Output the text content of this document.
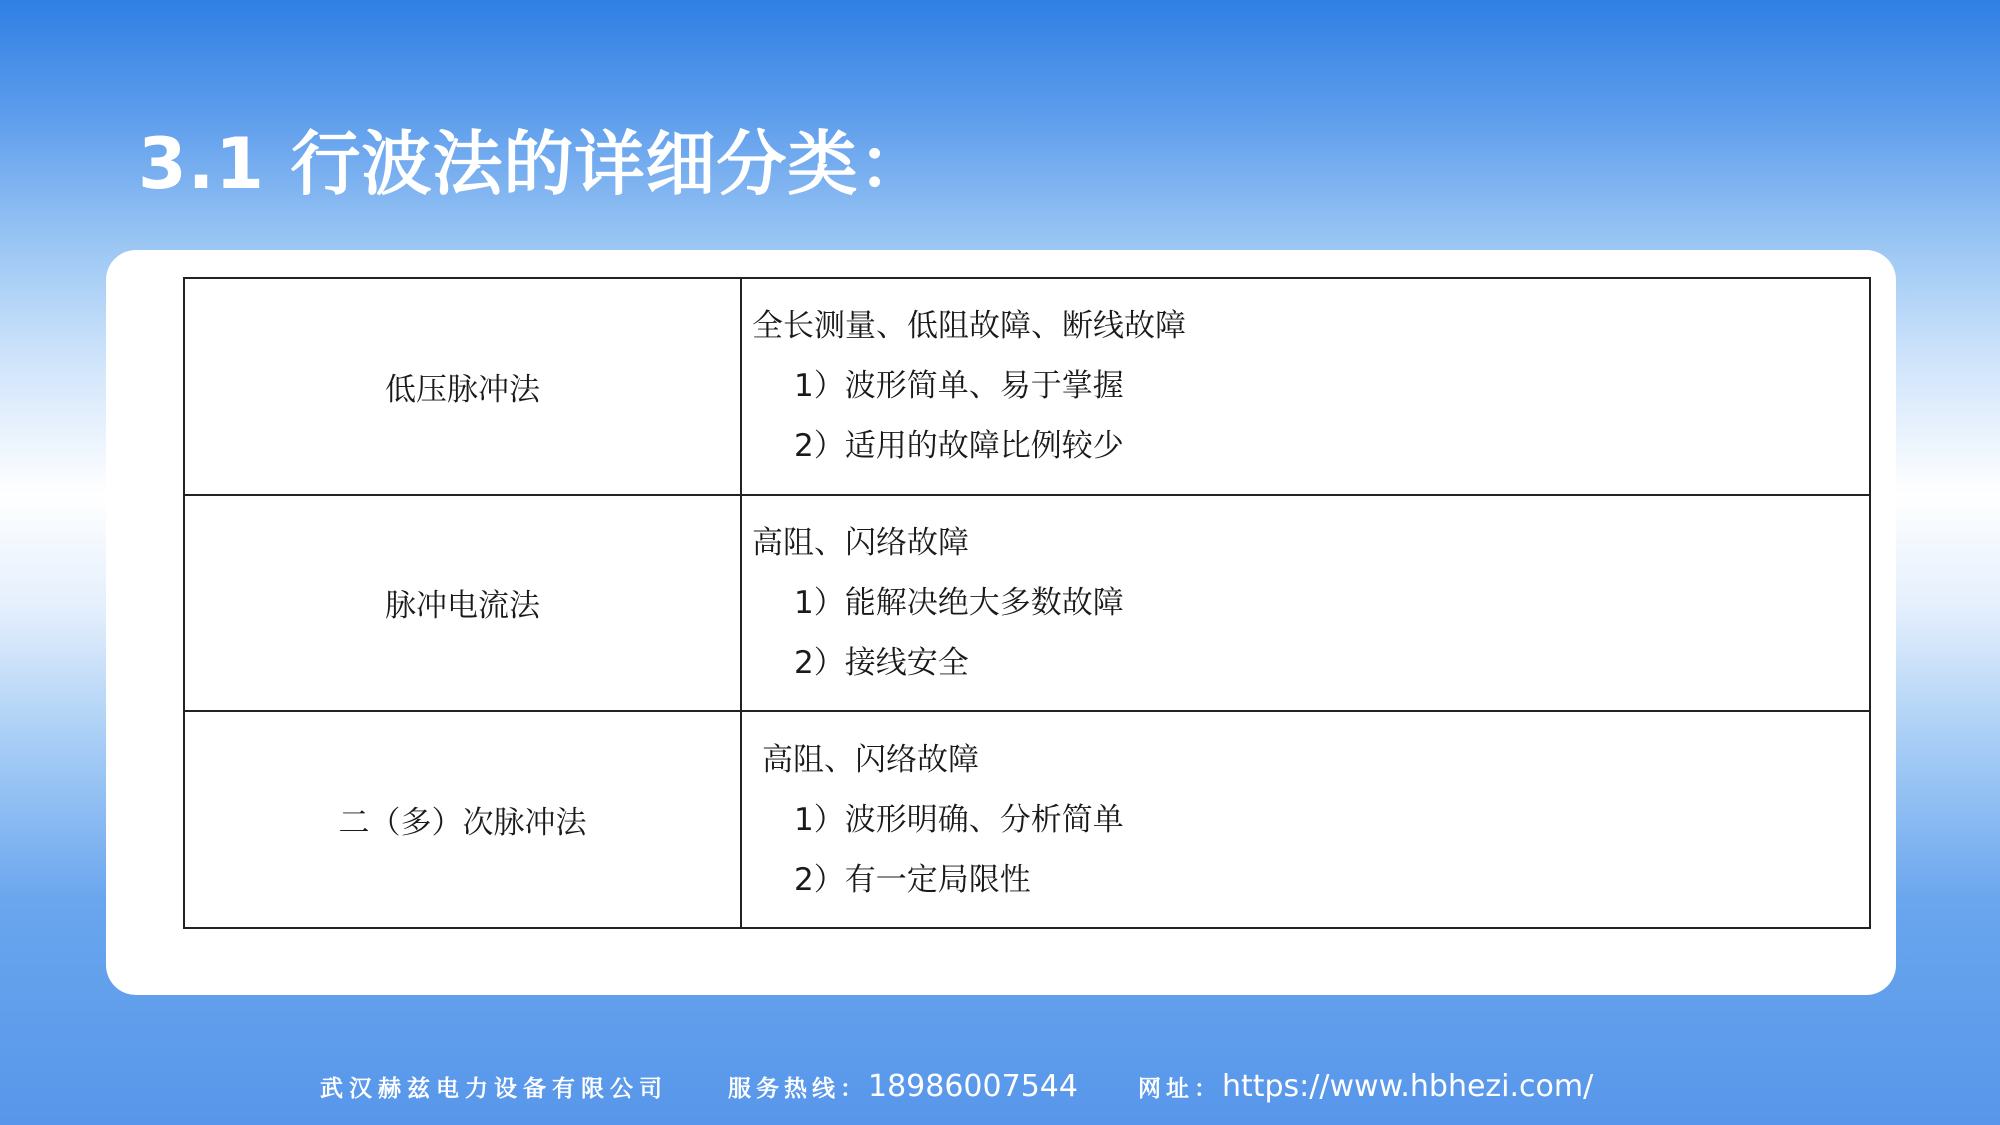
3.1 行波法的详细分类：
低压脉冲法	全长测量、低阻故障、断线故障
1）波形简单、易于掌握
2）适用的故障比例较少

脉冲电流法	高阻、闪络故障
1）能解决绝大多数故障
2）接线安全

二（多）次脉冲法	高阻、闪络故障
1）波形明确、分析简单
2）有一定局限性
武汉赫兹电力设备有限公司	服务热线： 18986007544	网址： https://www.hbhezi.com/
